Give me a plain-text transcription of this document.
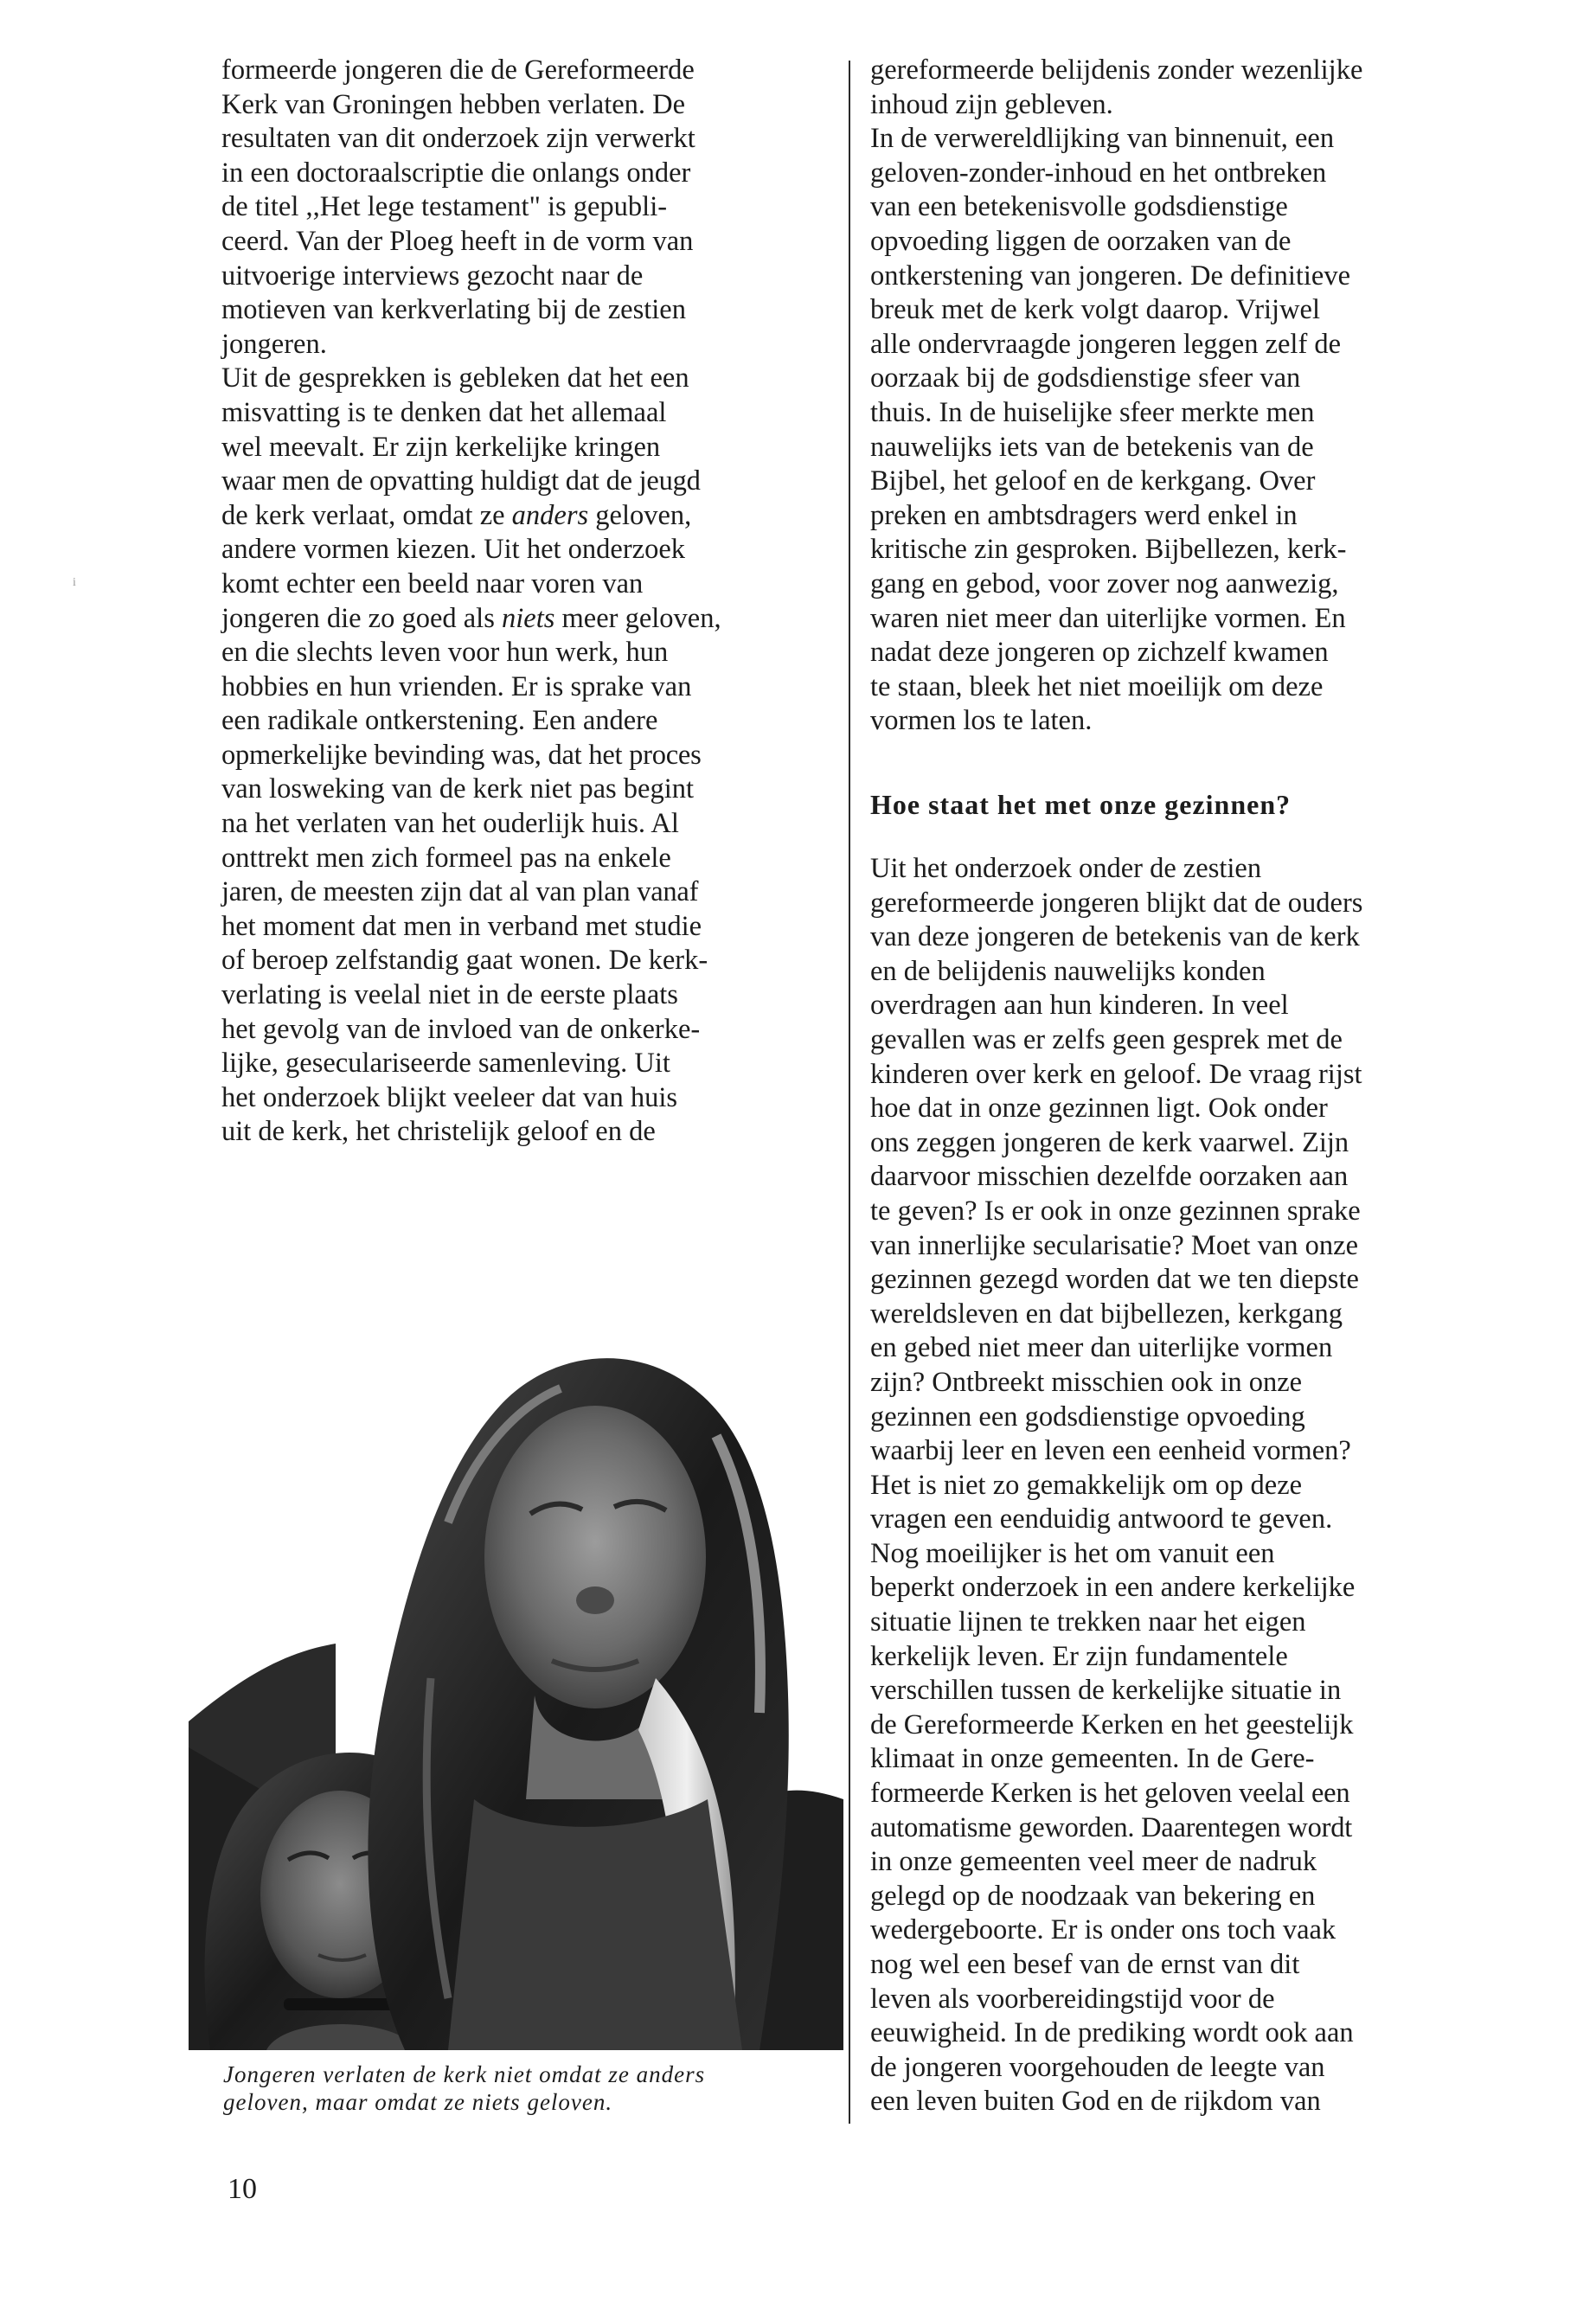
i

formeerde jongeren die de Gereformeerde
Kerk van Groningen hebben verlaten. De
resultaten van dit onderzoek zijn verwerkt
in een doctoraalscriptie die onlangs onder
de titel ,,Het lege testament" is gepubli-
ceerd. Van der Ploeg heeft in de vorm van
uitvoerige interviews gezocht naar de
motieven van kerkverlating bij de zestien
jongeren.
Uit de gesprekken is gebleken dat het een
misvatting is te denken dat het allemaal
wel meevalt. Er zijn kerkelijke kringen
waar men de opvatting huldigt dat de jeugd
de kerk verlaat, omdat ze anders geloven,
andere vormen kiezen. Uit het onderzoek
komt echter een beeld naar voren van
jongeren die zo goed als niets meer geloven,
en die slechts leven voor hun werk, hun
hobbies en hun vrienden. Er is sprake van
een radikale ontkerstening. Een andere
opmerkelijke bevinding was, dat het proces
van losweking van de kerk niet pas begint
na het verlaten van het ouderlijk huis. Al
onttrekt men zich formeel pas na enkele
jaren, de meesten zijn dat al van plan vanaf
het moment dat men in verband met studie
of beroep zelfstandig gaat wonen. De kerk-
verlating is veelal niet in de eerste plaats
het gevolg van de invloed van de onkerke-
lijke, geseculariseerde samenleving. Uit
het onderzoek blijkt veeleer dat van huis
uit de kerk, het christelijk geloof en de

Jongeren verlaten de kerk niet omdat ze anders
geloven, maar omdat ze niets geloven.

gereformeerde belijdenis zonder wezenlijke
inhoud zijn gebleven.
In de verwereldlijking van binnenuit, een
geloven-zonder-inhoud en het ontbreken
van een betekenisvolle godsdienstige
opvoeding liggen de oorzaken van de
ontkerstening van jongeren. De definitieve
breuk met de kerk volgt daarop. Vrijwel
alle ondervraagde jongeren leggen zelf de
oorzaak bij de godsdienstige sfeer van
thuis. In de huiselijke sfeer merkte men
nauwelijks iets van de betekenis van de
Bijbel, het geloof en de kerkgang. Over
preken en ambtsdragers werd enkel in
kritische zin gesproken. Bijbellezen, kerk-
gang en gebod, voor zover nog aanwezig,
waren niet meer dan uiterlijke vormen. En
nadat deze jongeren op zichzelf kwamen
te staan, bleek het niet moeilijk om deze
vormen los te laten.

Hoe staat het met onze gezinnen?

Uit het onderzoek onder de zestien
gereformeerde jongeren blijkt dat de ouders
van deze jongeren de betekenis van de kerk
en de belijdenis nauwelijks konden
overdragen aan hun kinderen. In veel
gevallen was er zelfs geen gesprek met de
kinderen over kerk en geloof. De vraag rijst
hoe dat in onze gezinnen ligt. Ook onder
ons zeggen jongeren de kerk vaarwel. Zijn
daarvoor misschien dezelfde oorzaken aan
te geven? Is er ook in onze gezinnen sprake
van innerlijke secularisatie? Moet van onze
gezinnen gezegd worden dat we ten diepste
wereldsleven en dat bijbellezen, kerkgang
en gebed niet meer dan uiterlijke vormen
zijn? Ontbreekt misschien ook in onze
gezinnen een godsdienstige opvoeding
waarbij leer en leven een eenheid vormen?
Het is niet zo gemakkelijk om op deze
vragen een eenduidig antwoord te geven.
Nog moeilijker is het om vanuit een
beperkt onderzoek in een andere kerkelijke
situatie lijnen te trekken naar het eigen
kerkelijk leven. Er zijn fundamentele
verschillen tussen de kerkelijke situatie in
de Gereformeerde Kerken en het geestelijk
klimaat in onze gemeenten. In de Gere-
formeerde Kerken is het geloven veelal een
automatisme geworden. Daarentegen wordt
in onze gemeenten veel meer de nadruk
gelegd op de noodzaak van bekering en
wedergeboorte. Er is onder ons toch vaak
nog wel een besef van de ernst van dit
leven als voorbereidingstijd voor de
eeuwigheid. In de prediking wordt ook aan
de jongeren voorgehouden de leegte van
een leven buiten God en de rijkdom van

10
